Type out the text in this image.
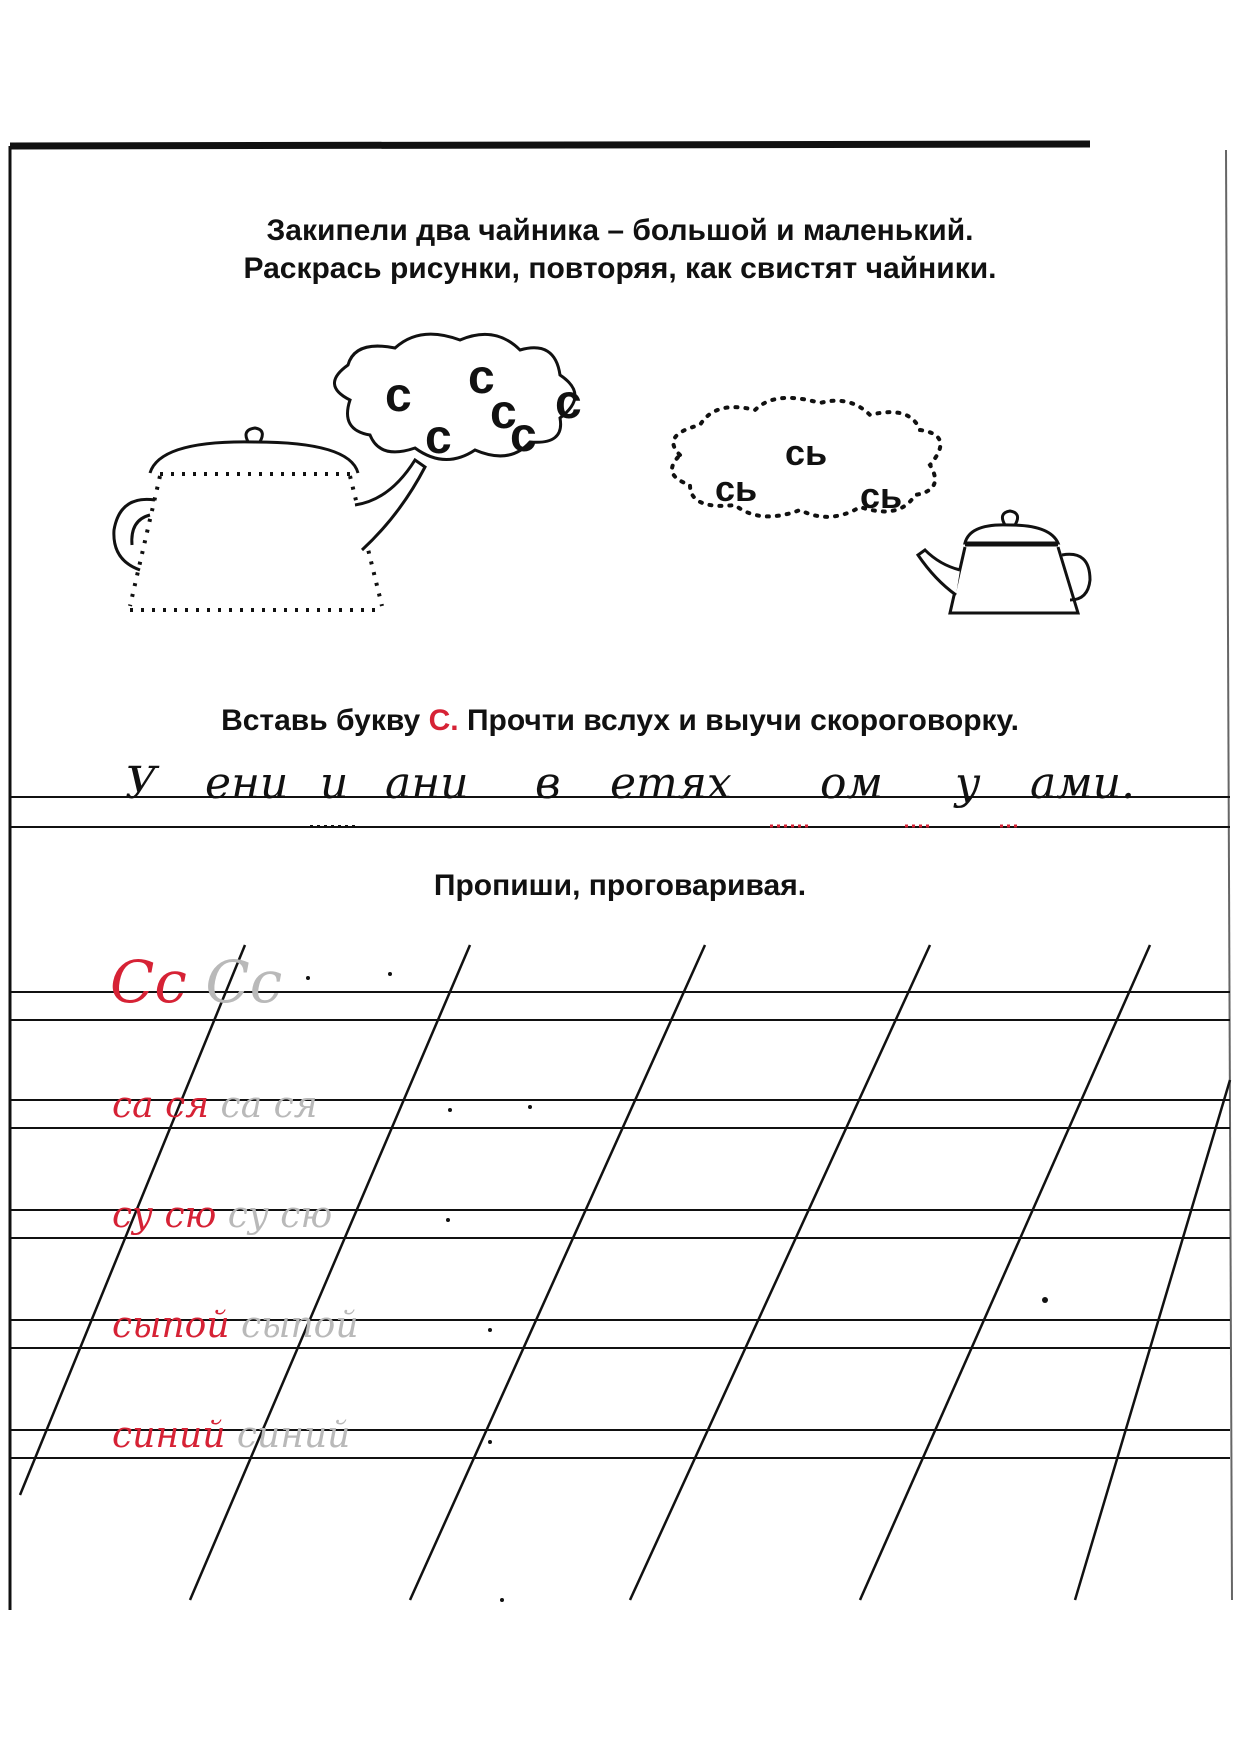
Закипели два чайника – большой и маленький.
Раскрась рисунки, повторяя, как свистят чайники.
с с с
с с
с
сь
сь
сь
Вставь букву С. Прочти вслух и выучи скороговорку.
У ени и ани в етях ом у ами.
Пропиши, проговаривая.
Сс Сс
са ся са ся
су сю су сю
сыпой сыпой
синий синий
